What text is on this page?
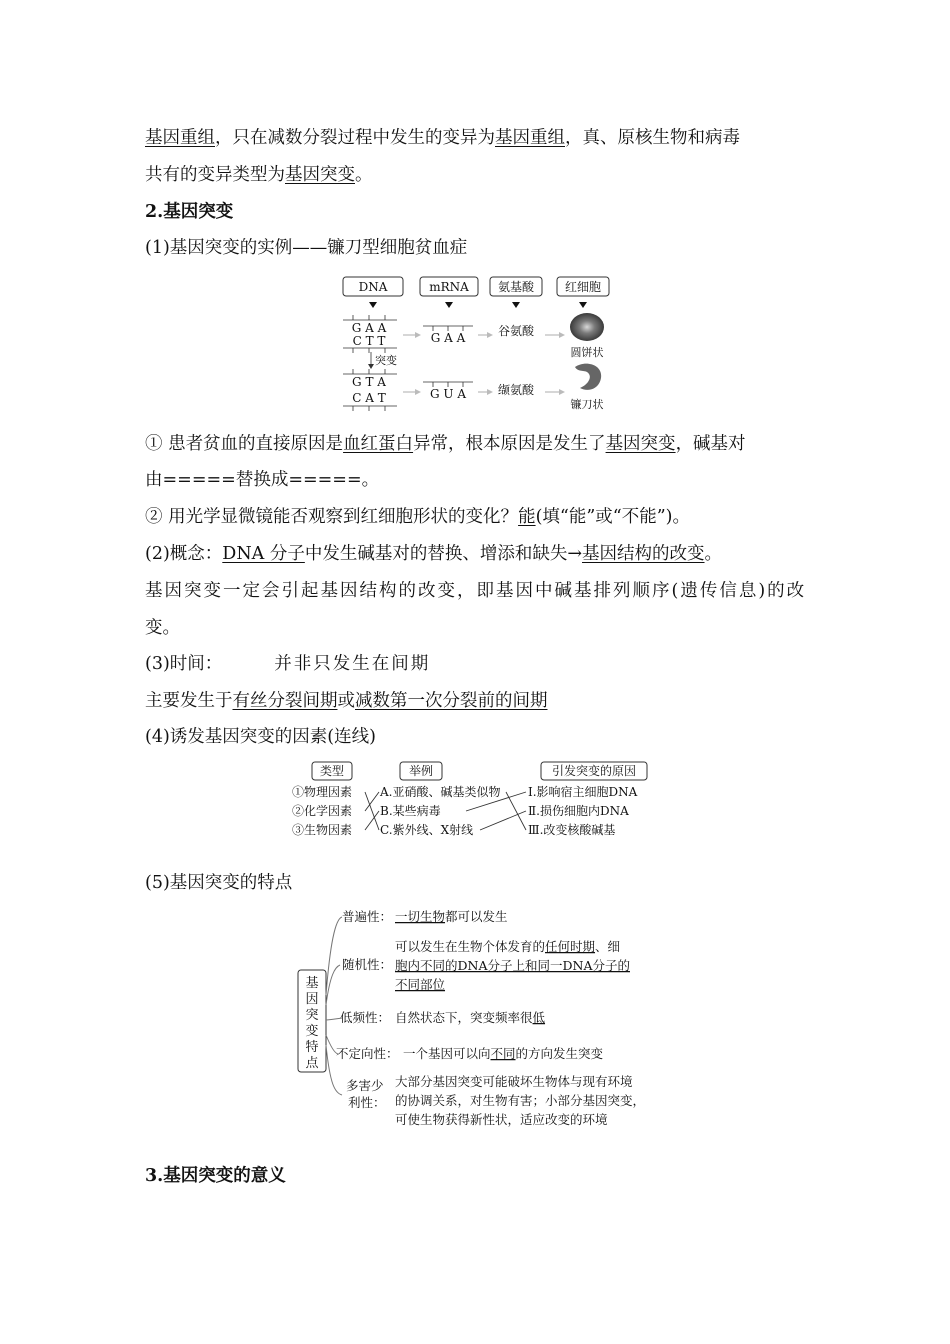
基因重组，只在减数分裂过程中发生的变异为基因重组，真、原核生物和病毒
共有的变异类型为基因突变。
2.基因突变
(1)基因突变的实例——镰刀型细胞贫血症
DNA	mRNA 氨基酸	红细胞
G A A
C T T
突变
G T A
C A T
G A A
G U A
谷氨酸
缬氨酸
圆饼状
镰刀状
① 患者贫血的直接原因是血红蛋白异常，根本原因是发生了基因突变，碱基对
由=====替换成=====。
② 用光学显微镜能否观察到红细胞形状的变化？能(填“能”或“不能”)。
(2)概念：DNA 分子中发生碱基对的替换、增添和缺失→基因结构的改变。
基因突变一定会引起基因结构的改变，即基因中碱基排列顺序(遗传信息)的改
变。
(3)时间：	并非只发生在间期
主要发生于有丝分裂间期或减数第一次分裂前的间期
(4)诱发基因突变的因素(连线)
类型	举例	引发突变的原因
①物理因素
②化学因素
③生物因素
A.亚硝酸、碱基类似物
B.某些病毒
C.紫外线、X射线
Ⅰ.影响宿主细胞DNA
Ⅱ.损伤细胞内DNA
Ⅲ.改变核酸碱基
(5)基因突变的特点
基
因
突
变
特
点
普遍性： 一切生物都可以发生
随机性：
可以发生在生物个体发育的任何时期、细
胞内不同的DNA分子上和同一DNA分子的
不同部位
低频性： 自然状态下，突变频率很低
不定向性： 一个基因可以向不同的方向发生突变
多害少
利性：
大部分基因突变可能破坏生物体与现有环境
的协调关系，对生物有害；小部分基因突变，
可使生物获得新性状，适应改变的环境
3.基因突变的意义
